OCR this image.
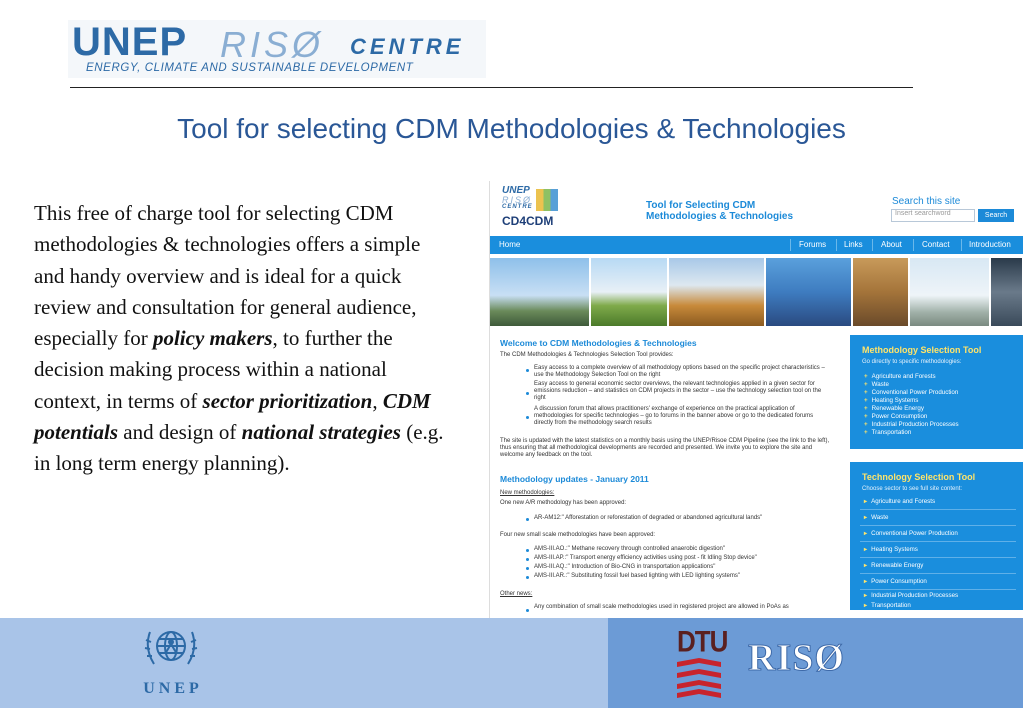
UNEP RISØ CENTRE
ENERGY, CLIMATE AND SUSTAINABLE DEVELOPMENT
Tool for selecting CDM Methodologies & Technologies
This free of charge tool for selecting CDM methodologies & technologies offers a simple and handy overview and is ideal for a quick review and consultation for general audience, especially for policy makers, to further the decision making process within a national context, in terms of sector prioritization, CDM potentials and design of national strategies (e.g. in long term energy planning).
UNEP
RISØ
CENTRE
CD4CDM
Tool for Selecting CDM
Methodologies & Technologies
Search this site
Insert searchword	Search
Home	Forums Links About	Contact Introduction
Welcome to CDM Methodologies & Technologies
The CDM Methodologies & Technologies Selection Tool provides:
Easy access to a complete overview of all methodology options based on the specific project characteristics – use the Methodology Selection Tool on the right
Easy access to general economic sector overviews, the relevant technologies applied in a given sector for emissions reduction – and statistics on CDM projects in the sector – use the technology selection tool on the right
A discussion forum that allows practitioners' exchange of experience on the practical application of methodologies for specific technologies – go to forums in the banner above or go to the dedicated forums directly from the methodology search results
The site is updated with the latest statistics on a monthly basis using the UNEP/Risoe CDM Pipeline (see the link to the left), thus ensuring that all methodological developments are recorded and presented. We invite you to explore the site and welcome any feedback on the tool.
Methodology updates - January 2011
New methodologies:
One new A/R methodology has been approved:
AR-AM12:" Afforestation or reforestation of degraded or abandoned agricultural lands"
Four new small scale methodologies have been approved:
AMS-III.AO.:" Methane recovery through controlled anaerobic digestion"
AMS-III.AP.:" Transport energy efficiency activities using post - fit Idling Stop device"
AMS-III.AQ.:" Introduction of Bio-CNG in transportation applications"
AMS-III.AR.:" Substituting fossil fuel based lighting with LED lighting systems"
Other news:
Any combination of small scale methodologies used in registered project are allowed in PoAs as
Methodology Selection Tool
Go directly to specific methodologies:
+ Agriculture and Forests
+ Waste
+ Conventional Power Production
+ Heating Systems
+ Renewable Energy
+ Power Consumption
+ Industrial Production Processes
+ Transportation
Technology Selection Tool
Choose sector to see full site content:
▸ Agriculture and Forests
▸ Waste
▸ Conventional Power Production
▸ Heating Systems
▸ Renewable Energy
▸ Power Consumption
▸ Industrial Production Processes
▸ Transportation
UNEP
DTU RISØ
